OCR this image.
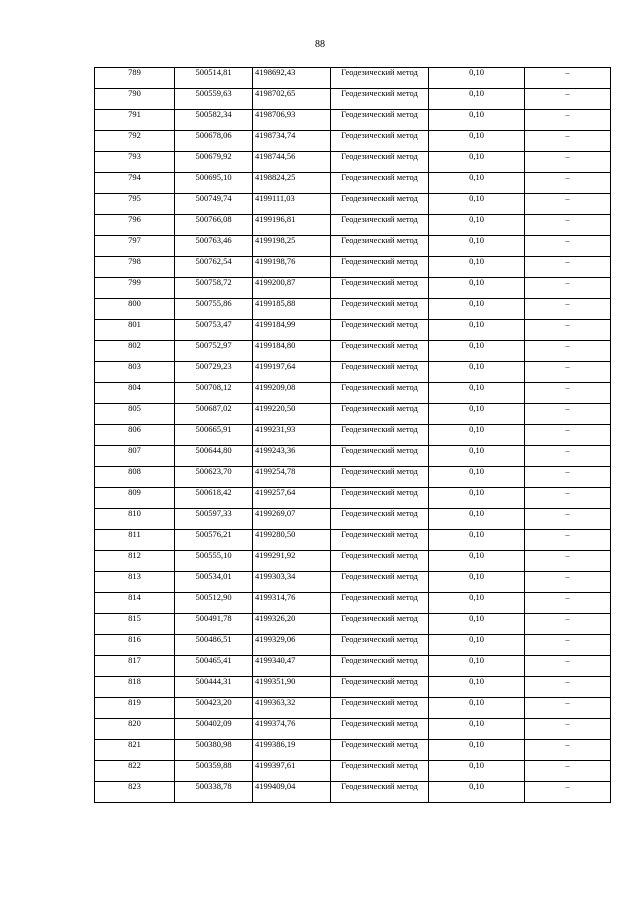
88
789	500514,81	4198692,43	Геодезический метод	0,10	–
790	500559,63	4198702,65	Геодезический метод	0,10	–
791	500582,34	4198706,93	Геодезический метод	0,10	–
792	500678,06	4198734,74	Геодезический метод	0,10	–
793	500679,92	4198744,56	Геодезический метод	0,10	–
794	500695,10	4198824,25	Геодезический метод	0,10	–
795	500749,74	4199111,03	Геодезический метод	0,10	–
796	500766,08	4199196,81	Геодезический метод	0,10	–
797	500763,46	4199198,25	Геодезический метод	0,10	–
798	500762,54	4199198,76	Геодезический метод	0,10	–
799	500758,72	4199200,87	Геодезический метод	0,10	–
800	500755,86	4199185,88	Геодезический метод	0,10	–
801	500753,47	4199184,99	Геодезический метод	0,10	–
802	500752,97	4199184,80	Геодезический метод	0,10	–
803	500729,23	4199197,64	Геодезический метод	0,10	–
804	500708,12	4199209,08	Геодезический метод	0,10	–
805	500687,02	4199220,50	Геодезический метод	0,10	–
806	500665,91	4199231,93	Геодезический метод	0,10	–
807	500644,80	4199243,36	Геодезический метод	0,10	–
808	500623,70	4199254,78	Геодезический метод	0,10	–
809	500618,42	4199257,64	Геодезический метод	0,10	–
810	500597,33	4199269,07	Геодезический метод	0,10	–
811	500576,21	4199280,50	Геодезический метод	0,10	–
812	500555,10	4199291,92	Геодезический метод	0,10	–
813	500534,01	4199303,34	Геодезический метод	0,10	–
814	500512,90	4199314,76	Геодезический метод	0,10	–
815	500491,78	4199326,20	Геодезический метод	0,10	–
816	500486,51	4199329,06	Геодезический метод	0,10	–
817	500465,41	4199340,47	Геодезический метод	0,10	–
818	500444,31	4199351,90	Геодезический метод	0,10	–
819	500423,20	4199363,32	Геодезический метод	0,10	–
820	500402,09	4199374,76	Геодезический метод	0,10	–
821	500380,98	4199386,19	Геодезический метод	0,10	–
822	500359,88	4199397,61	Геодезический метод	0,10	–
823	500338,78	4199409,04	Геодезический метод	0,10	–
